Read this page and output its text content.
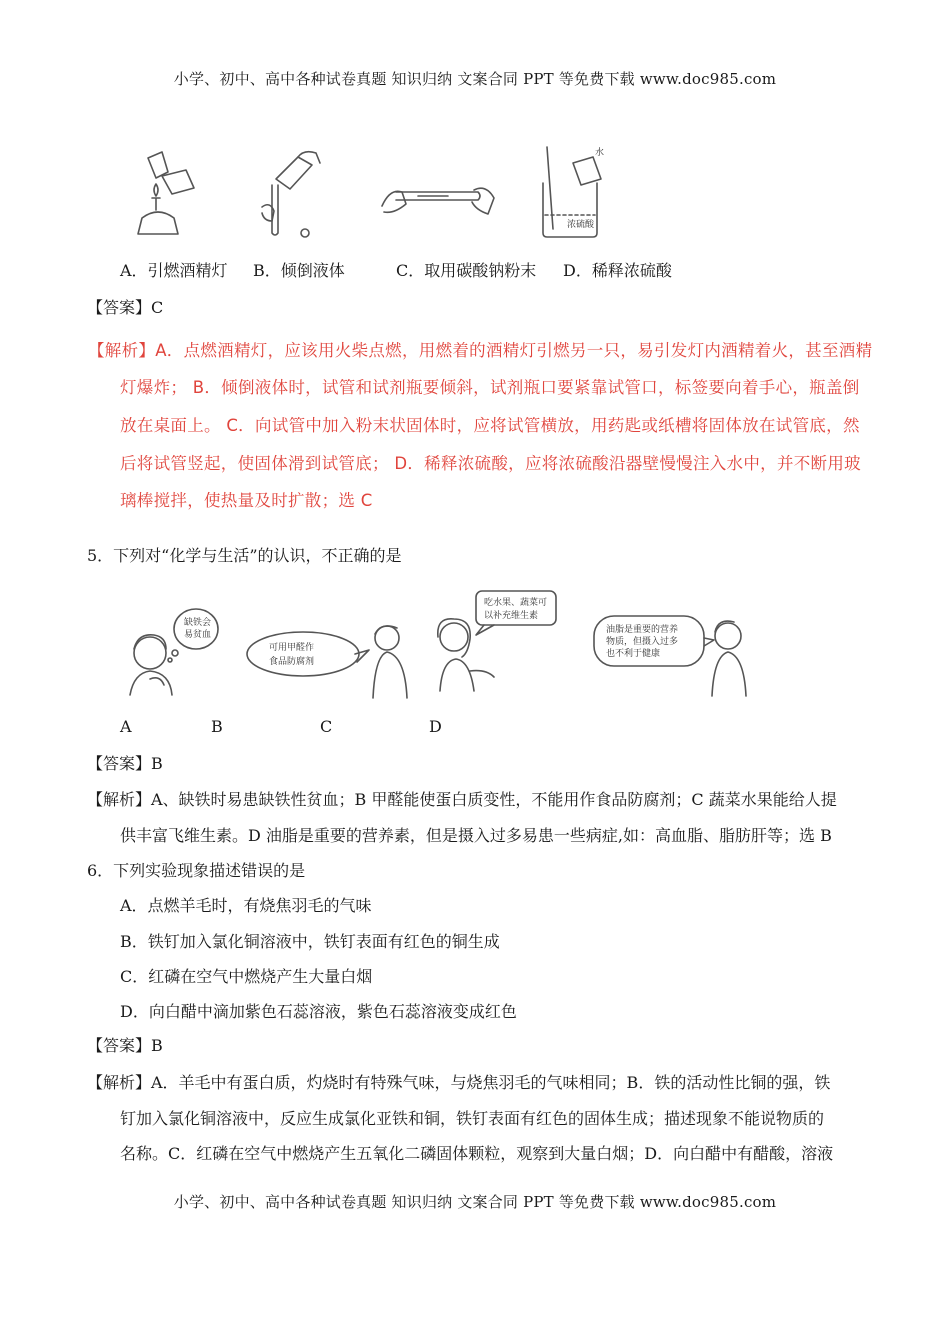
小学、初中、高中各种试卷真题 知识归纳 文案合同 PPT 等免费下载 www.doc985.com
水
浓硫酸
A．引燃酒精灯 B．倾倒液体	C．取用碳酸钠粉末 D．稀释浓硫酸
【答案】C
【解析】A．点燃酒精灯，应该用火柴点燃，用燃着的酒精灯引燃另一只，易引发灯内酒精着火，甚至酒精
灯爆炸； B．倾倒液体时，试管和试剂瓶要倾斜，试剂瓶口要紧靠试管口，标签要向着手心，瓶盖倒
放在桌面上。 C．向试管中加入粉末状固体时，应将试管横放，用药匙或纸槽将固体放在试管底，然
后将试管竖起，使固体滑到试管底； D．稀释浓硫酸，应将浓硫酸沿器壁慢慢注入水中，并不断用玻
璃棒搅拌，使热量及时扩散；选 C
5．下列对“化学与生活”的认识，不正确的是
缺铁会
易贫血
可用甲醛作
食品防腐剂
吃水果、蔬菜可
以补充维生素
油脂是重要的营养
物质，但摄入过多
也不利于健康
A	B	C	D
【答案】B
【解析】A、缺铁时易患缺铁性贫血；B 甲醛能使蛋白质变性，不能用作食品防腐剂；C 蔬菜水果能给人提
供丰富飞维生素。D 油脂是重要的营养素，但是摄入过多易患一些病症,如：高血脂、脂肪肝等；选 B
6．下列实验现象描述错误的是
A．点燃羊毛时，有烧焦羽毛的气味
B．铁钉加入氯化铜溶液中，铁钉表面有红色的铜生成
C．红磷在空气中燃烧产生大量白烟
D．向白醋中滴加紫色石蕊溶液，紫色石蕊溶液变成红色
【答案】B
【解析】A．羊毛中有蛋白质，灼烧时有特殊气味，与烧焦羽毛的气味相同；B．铁的活动性比铜的强，铁
钉加入氯化铜溶液中，反应生成氯化亚铁和铜，铁钉表面有红色的固体生成；描述现象不能说物质的
名称。C．红磷在空气中燃烧产生五氧化二磷固体颗粒，观察到大量白烟；D．向白醋中有醋酸，溶液
小学、初中、高中各种试卷真题 知识归纳 文案合同 PPT 等免费下载 www.doc985.com
